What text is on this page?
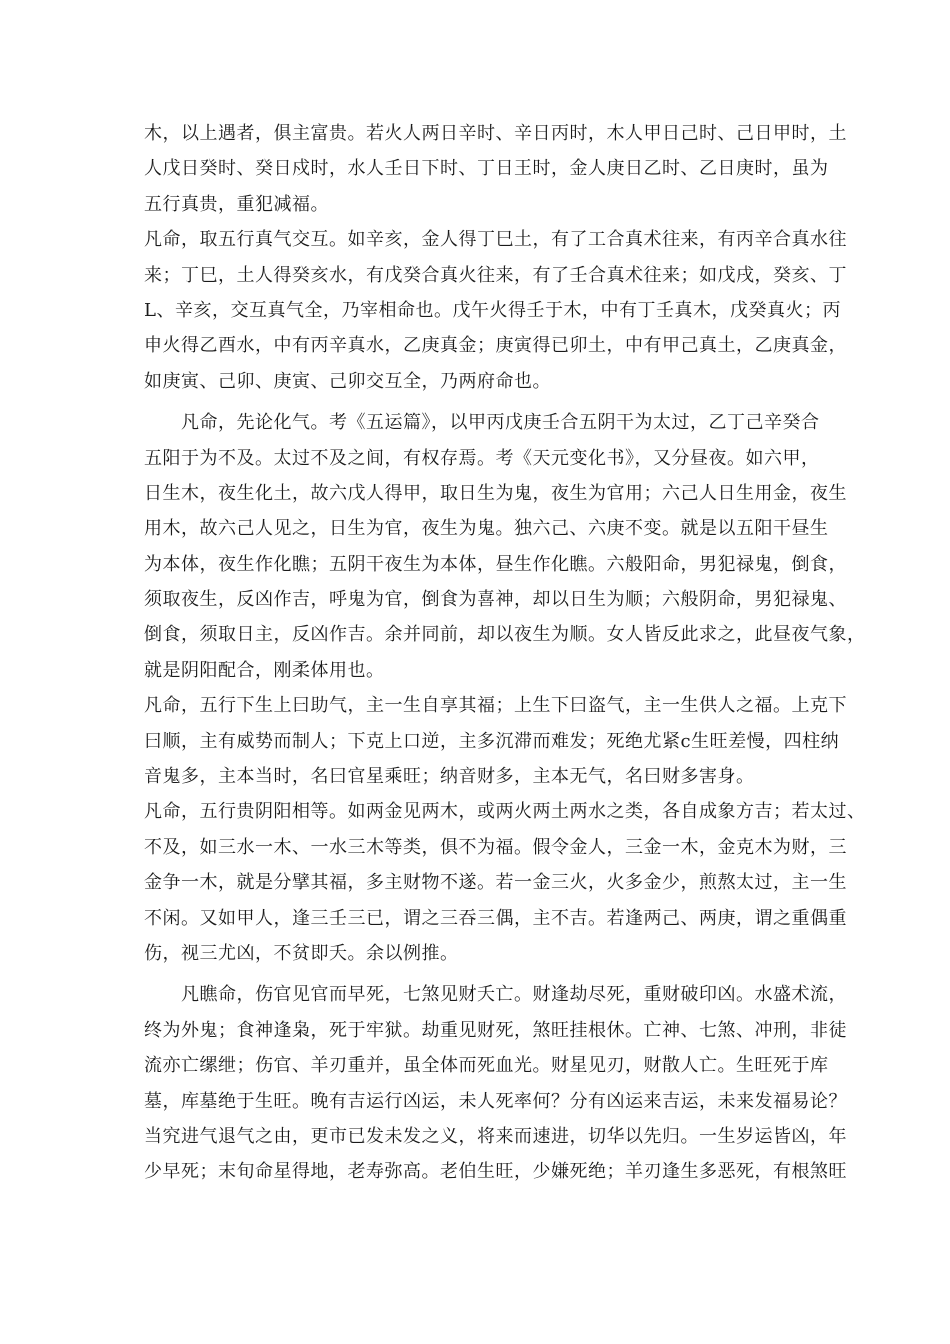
木，以上遇者，俱主富贵。若火人两日辛时、辛日丙时，木人甲日己时、己日甲时，土
人戊日癸时、癸日戍时，水人壬日下时、丁日王时，金人庚日乙时、乙日庚时，虽为
五行真贵，重犯减福。
凡命，取五行真气交互。如辛亥，金人得丁巳土，有了工合真术往来，有丙辛合真水往
来；丁巳，土人得癸亥水，有戊癸合真火往来，有了壬合真术往来；如戊戌，癸亥、丁
L、辛亥，交互真气全，乃宰相命也。戊午火得壬于木，中有丁壬真木，戊癸真火；丙
申火得乙酉水，中有丙辛真水，乙庚真金；庚寅得已卯土，中有甲己真土，乙庚真金，
如庚寅、己卯、庚寅、己卯交互全，乃两府命也。
　　凡命，先论化气。考《五运篇》，以甲丙戊庚壬合五阴干为太过，乙丁己辛癸合
五阳于为不及。太过不及之间，有权存焉。考《天元变化书》，又分昼夜。如六甲，
日生木，夜生化土，故六戊人得甲，取日生为鬼，夜生为官用；六己人日生用金，夜生
用木，故六己人见之，日生为官，夜生为鬼。独六己、六庚不变。就是以五阳干昼生
为本体，夜生作化瞧；五阴干夜生为本体，昼生作化瞧。六般阳命，男犯禄鬼，倒食，
须取夜生，反凶作吉，呼鬼为官，倒食为喜神，却以日生为顺；六般阴命，男犯禄鬼、
倒食，须取日主，反凶作吉。余并同前，却以夜生为顺。女人皆反此求之，此昼夜气象，
就是阴阳配合，刚柔体用也。
凡命，五行下生上曰助气，主一生自享其福；上生下曰盗气，主一生供人之福。上克下
曰顺，主有威势而制人；下克上口逆，主多沉滞而难发；死绝尤紧c生旺差慢，四柱纳
音鬼多，主本当时，名曰官星乘旺；纳音财多，主本无气，名曰财多害身。
凡命，五行贵阴阳相等。如两金见两木，或两火两土两水之类，各自成象方吉；若太过、
不及，如三水一木、一水三木等类，俱不为福。假令金人，三金一木，金克木为财，三
金争一木，就是分擘其福，多主财物不遂。若一金三火，火多金少，煎熬太过，主一生
不闲。又如甲人，逢三壬三已，谓之三吞三偶，主不吉。若逢两己、两庚，谓之重偶重
伤，视三尤凶，不贫即夭。余以例推。
　　凡瞧命，伤官见官而早死，七煞见财夭亡。财逢劫尽死，重财破印凶。水盛术流，
终为外鬼；食神逢枭，死于牢狱。劫重见财死，煞旺挂根休。亡神、七煞、冲刑，非徒
流亦亡缧绁；伤官、羊刃重并，虽全体而死血光。财星见刃，财散人亡。生旺死于库
墓，库墓绝于生旺。晚有吉运行凶运，未人死率何？分有凶运来吉运，未来发福易论？
当究进气退气之由，更市已发未发之义，将来而速进，切华以先归。一生岁运皆凶，年
少早死；末旬命星得地，老寿弥高。老伯生旺，少嫌死绝；羊刃逢生多恶死，有根煞旺
